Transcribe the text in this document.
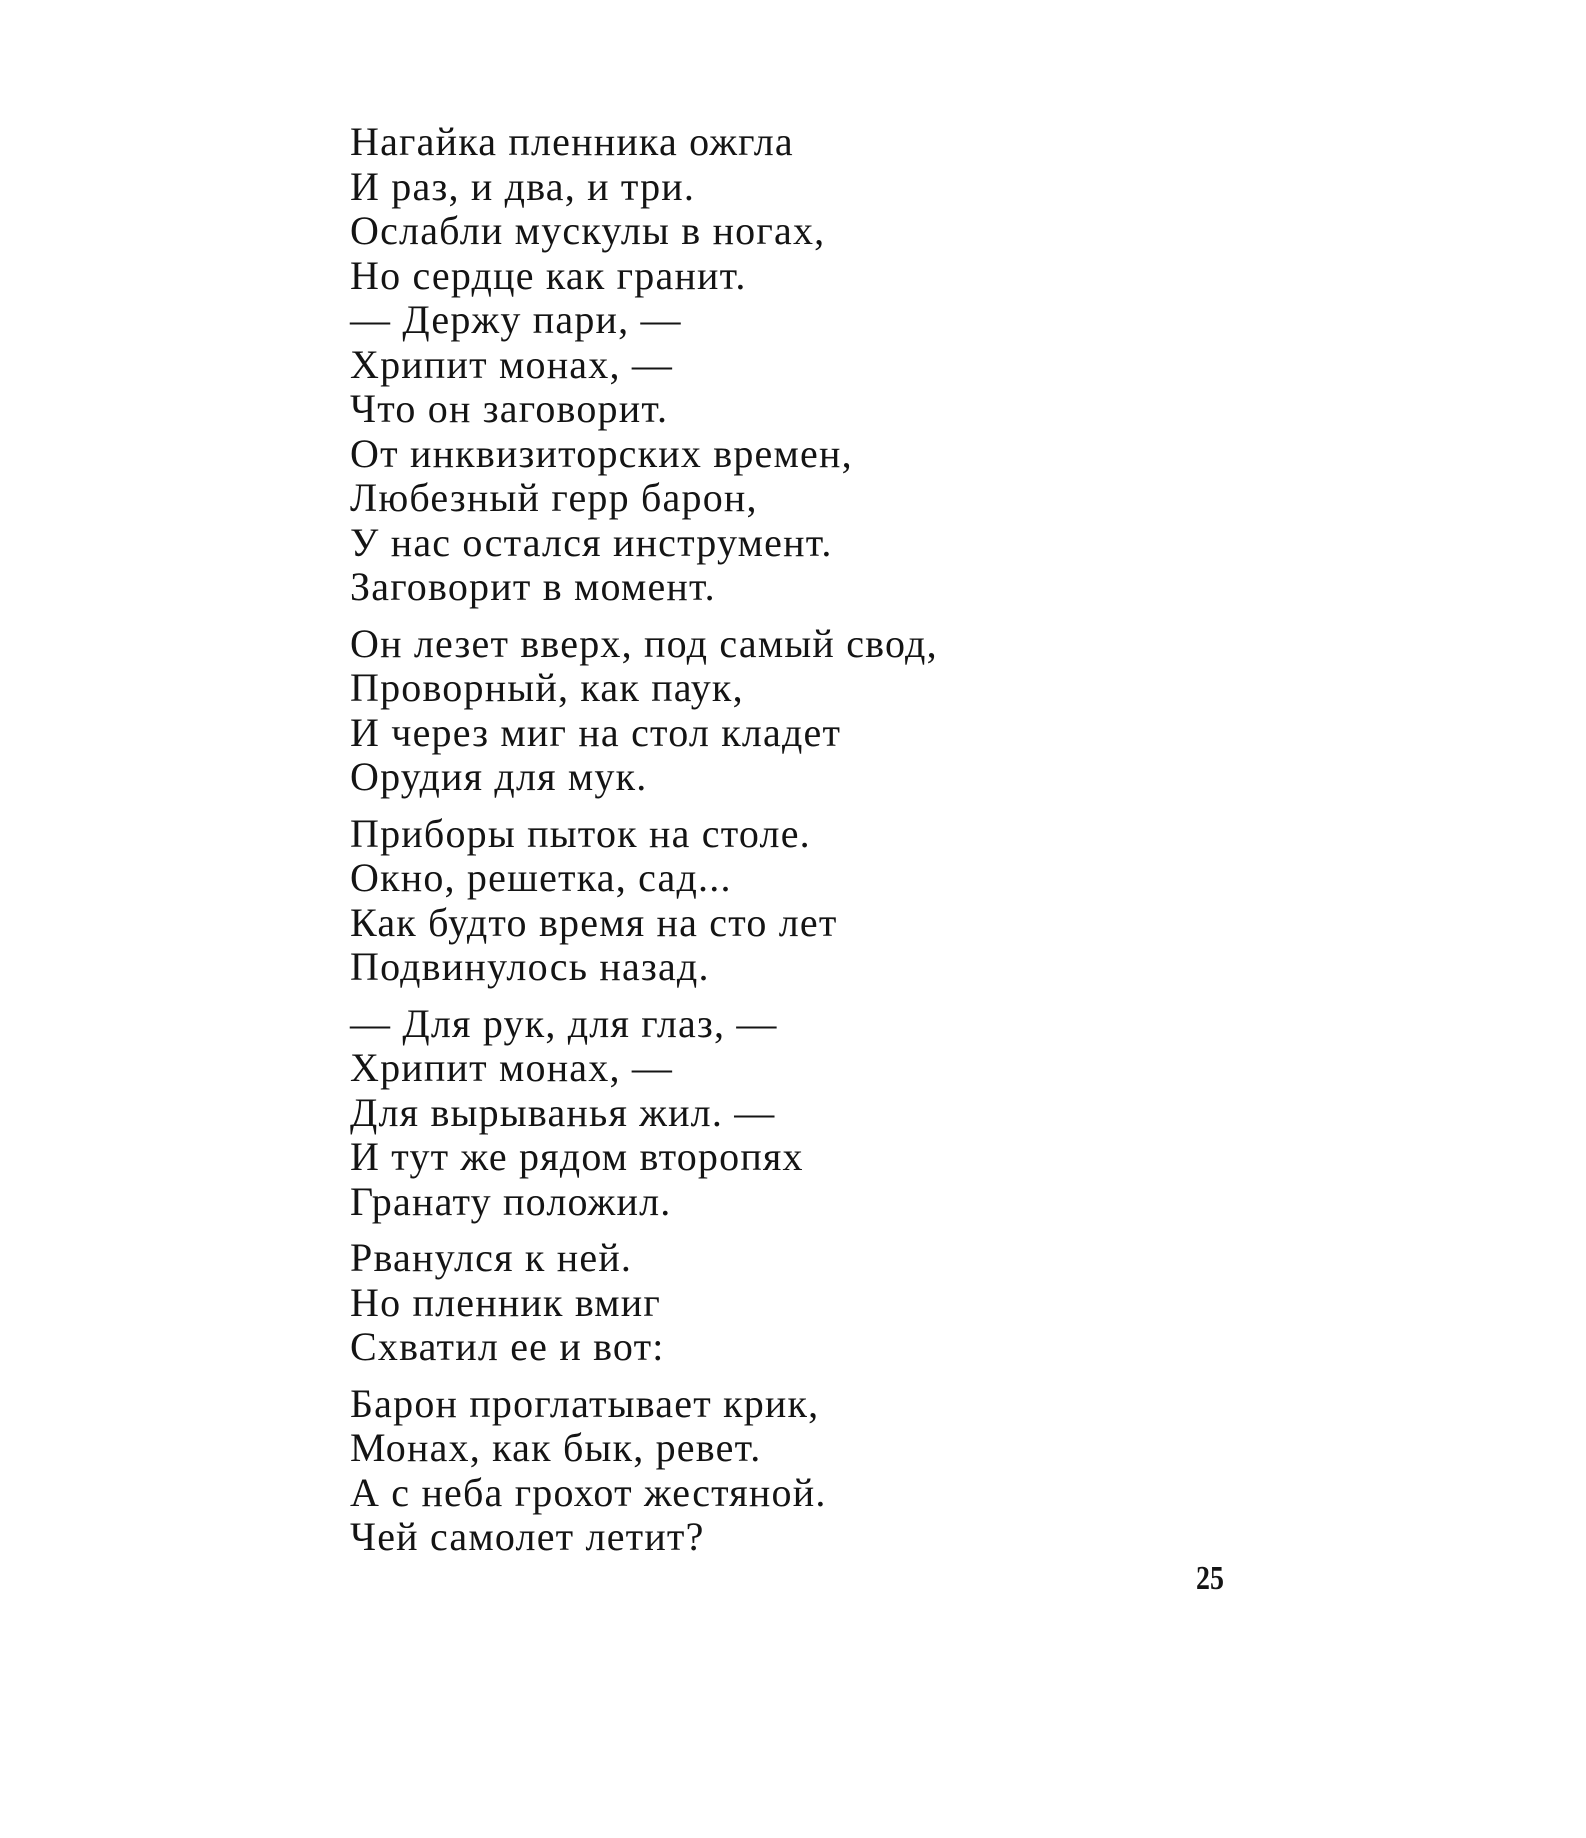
Нагайка пленника ожгла
И раз, и два, и три.
Ослабли мускулы в ногах,
Но сердце как гранит.
— Держу пари, —
Хрипит монах, —
Что он заговорит.
От инквизиторских времен,
Любезный герр барон,
У нас остался инструмент.
Заговорит в момент.
Он лезет вверх, под самый свод,
Проворный, как паук,
И через миг на стол кладет
Орудия для мук.
Приборы пыток на столе.
Окно, решетка, сад...
Как будто время на сто лет
Подвинулось назад.
— Для рук, для глаз, —
Хрипит монах, —
Для вырыванья жил. —
И тут же рядом второпях
Гранату положил.
Рванулся к ней.
Но пленник вмиг
Схватил ее и вот:
Барон проглатывает крик,
Монах, как бык, ревет.
А с неба грохот жестяной.
Чей самолет летит?
25
